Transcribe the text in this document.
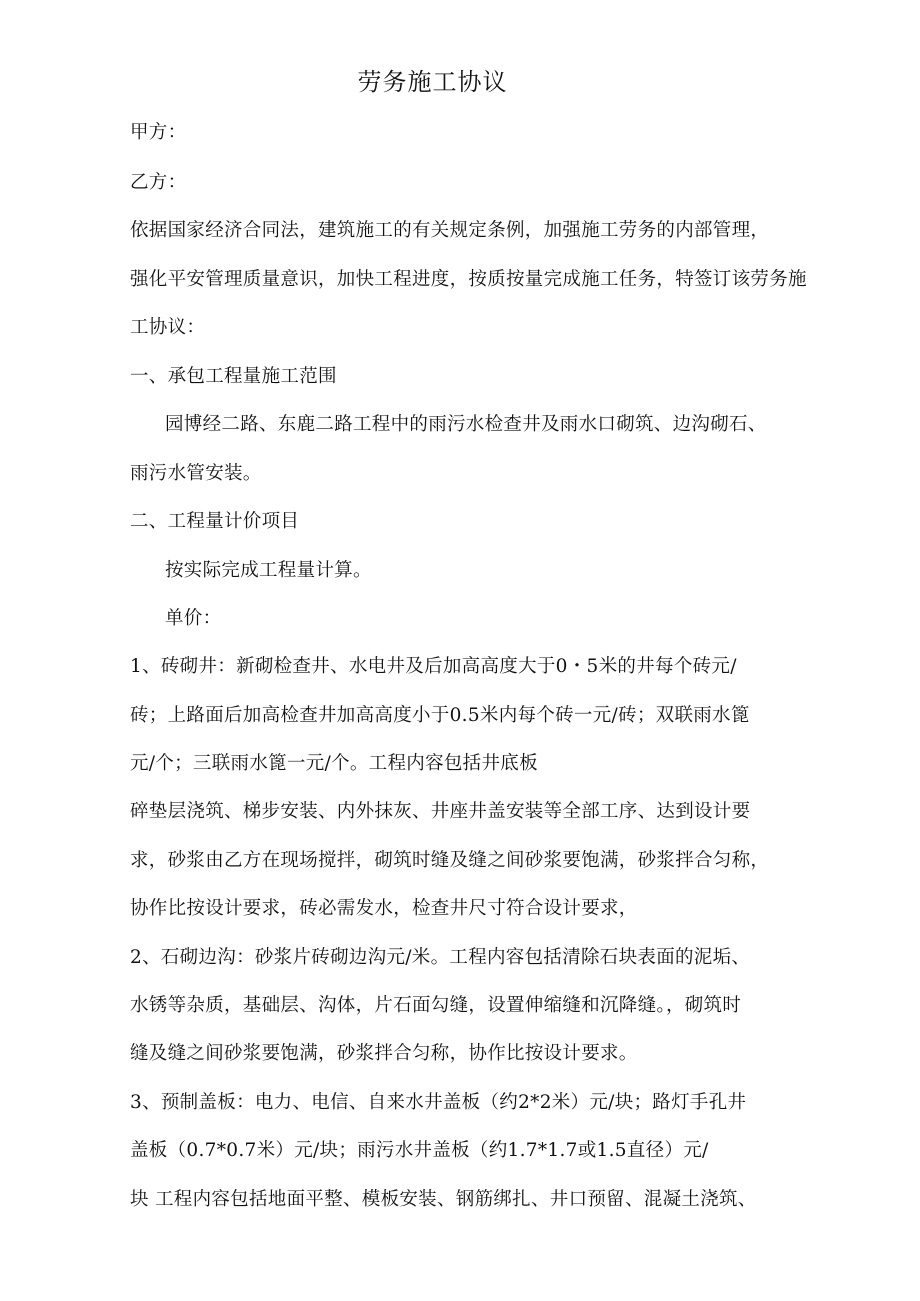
劳务施工协议
甲方：
乙方：
依据国家经济合同法，建筑施工的有关规定条例，加强施工劳务的内部管理，
强化平安管理质量意识，加快工程进度，按质按量完成施工任务，特签订该劳务施
工协议：
一、承包工程量施工范围
园博经二路、东鹿二路工程中的雨污水检查井及雨水口砌筑、边沟砌石、
雨污水管安装。
二、工程量计价项目
按实际完成工程量计算。
单价：
1、砖砌井：新砌检查井、水电井及后加高高度大于0・5米的井每个砖元/
砖；上路面后加高检查井加高高度小于0.5米内每个砖一元/砖；双联雨水篦
元/个；三联雨水篦一元/个。工程内容包括井底板
碎垫层浇筑、梯步安装、内外抹灰、井座井盖安装等全部工序、达到设计要
求，砂浆由乙方在现场搅拌，砌筑时缝及缝之间砂浆要饱满，砂浆拌合匀称，
协作比按设计要求，砖必需发水，检查井尺寸符合设计要求，
2、石砌边沟：砂浆片砖砌边沟元/米。工程内容包括清除石块表面的泥垢、
水锈等杂质，基础层、沟体，片石面勾缝，设置伸缩缝和沉降缝。，砌筑时
缝及缝之间砂浆要饱满，砂浆拌合匀称，协作比按设计要求。
3、预制盖板：电力、电信、自来水井盖板（约2*2米）元/块；路灯手孔井
盖板（0.7*0.7米）元/块；雨污水井盖板（约1.7*1.7或1.5直径）元/
块 工程内容包括地面平整、模板安装、钢筋绑扎、井口预留、混凝土浇筑、
